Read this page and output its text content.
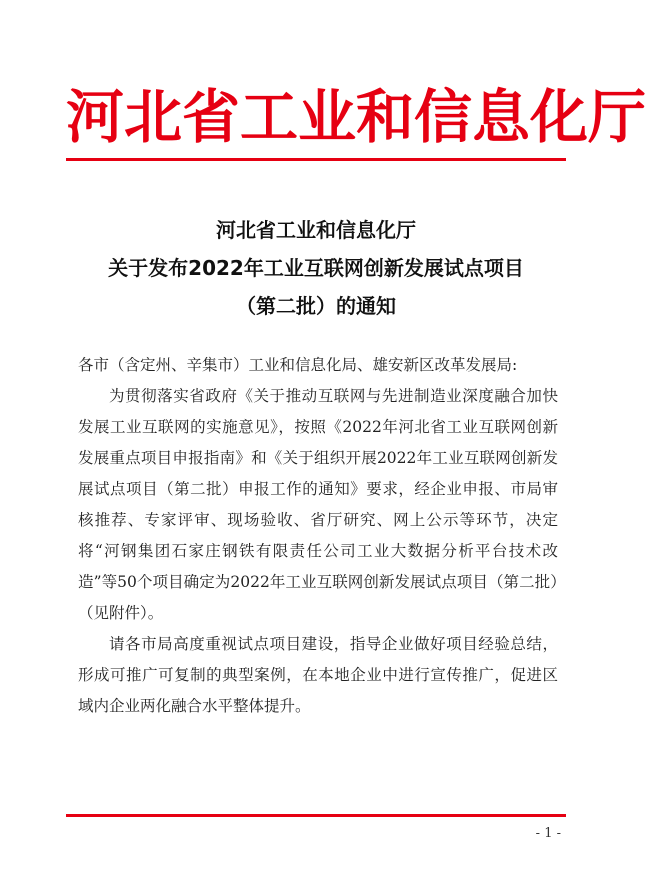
河北省工业和信息化厅
河北省工业和信息化厅
关于发布2022年工业互联网创新发展试点项目
（第二批）的通知

各市（含定州、辛集市）工业和信息化局、雄安新区改革发展局:

为贯彻落实省政府《关于推动互联网与先进制造业深度融合加快发展工业互联网的实施意见》，按照《2022年河北省工业互联网创新发展重点项目申报指南》和《关于组织开展2022年工业互联网创新发展试点项目（第二批）申报工作的通知》要求，经企业申报、市局审核推荐、专家评审、现场验收、省厅研究、网上公示等环节，决定将“河钢集团石家庄钢铁有限责任公司工业大数据分析平台技术改造”等50个项目确定为2022年工业互联网创新发展试点项目（第二批）（见附件）。

请各市局高度重视试点项目建设，指导企业做好项目经验总结，形成可推广可复制的典型案例，在本地企业中进行宣传推广，促进区域内企业两化融合水平整体提升。

- 1 -
